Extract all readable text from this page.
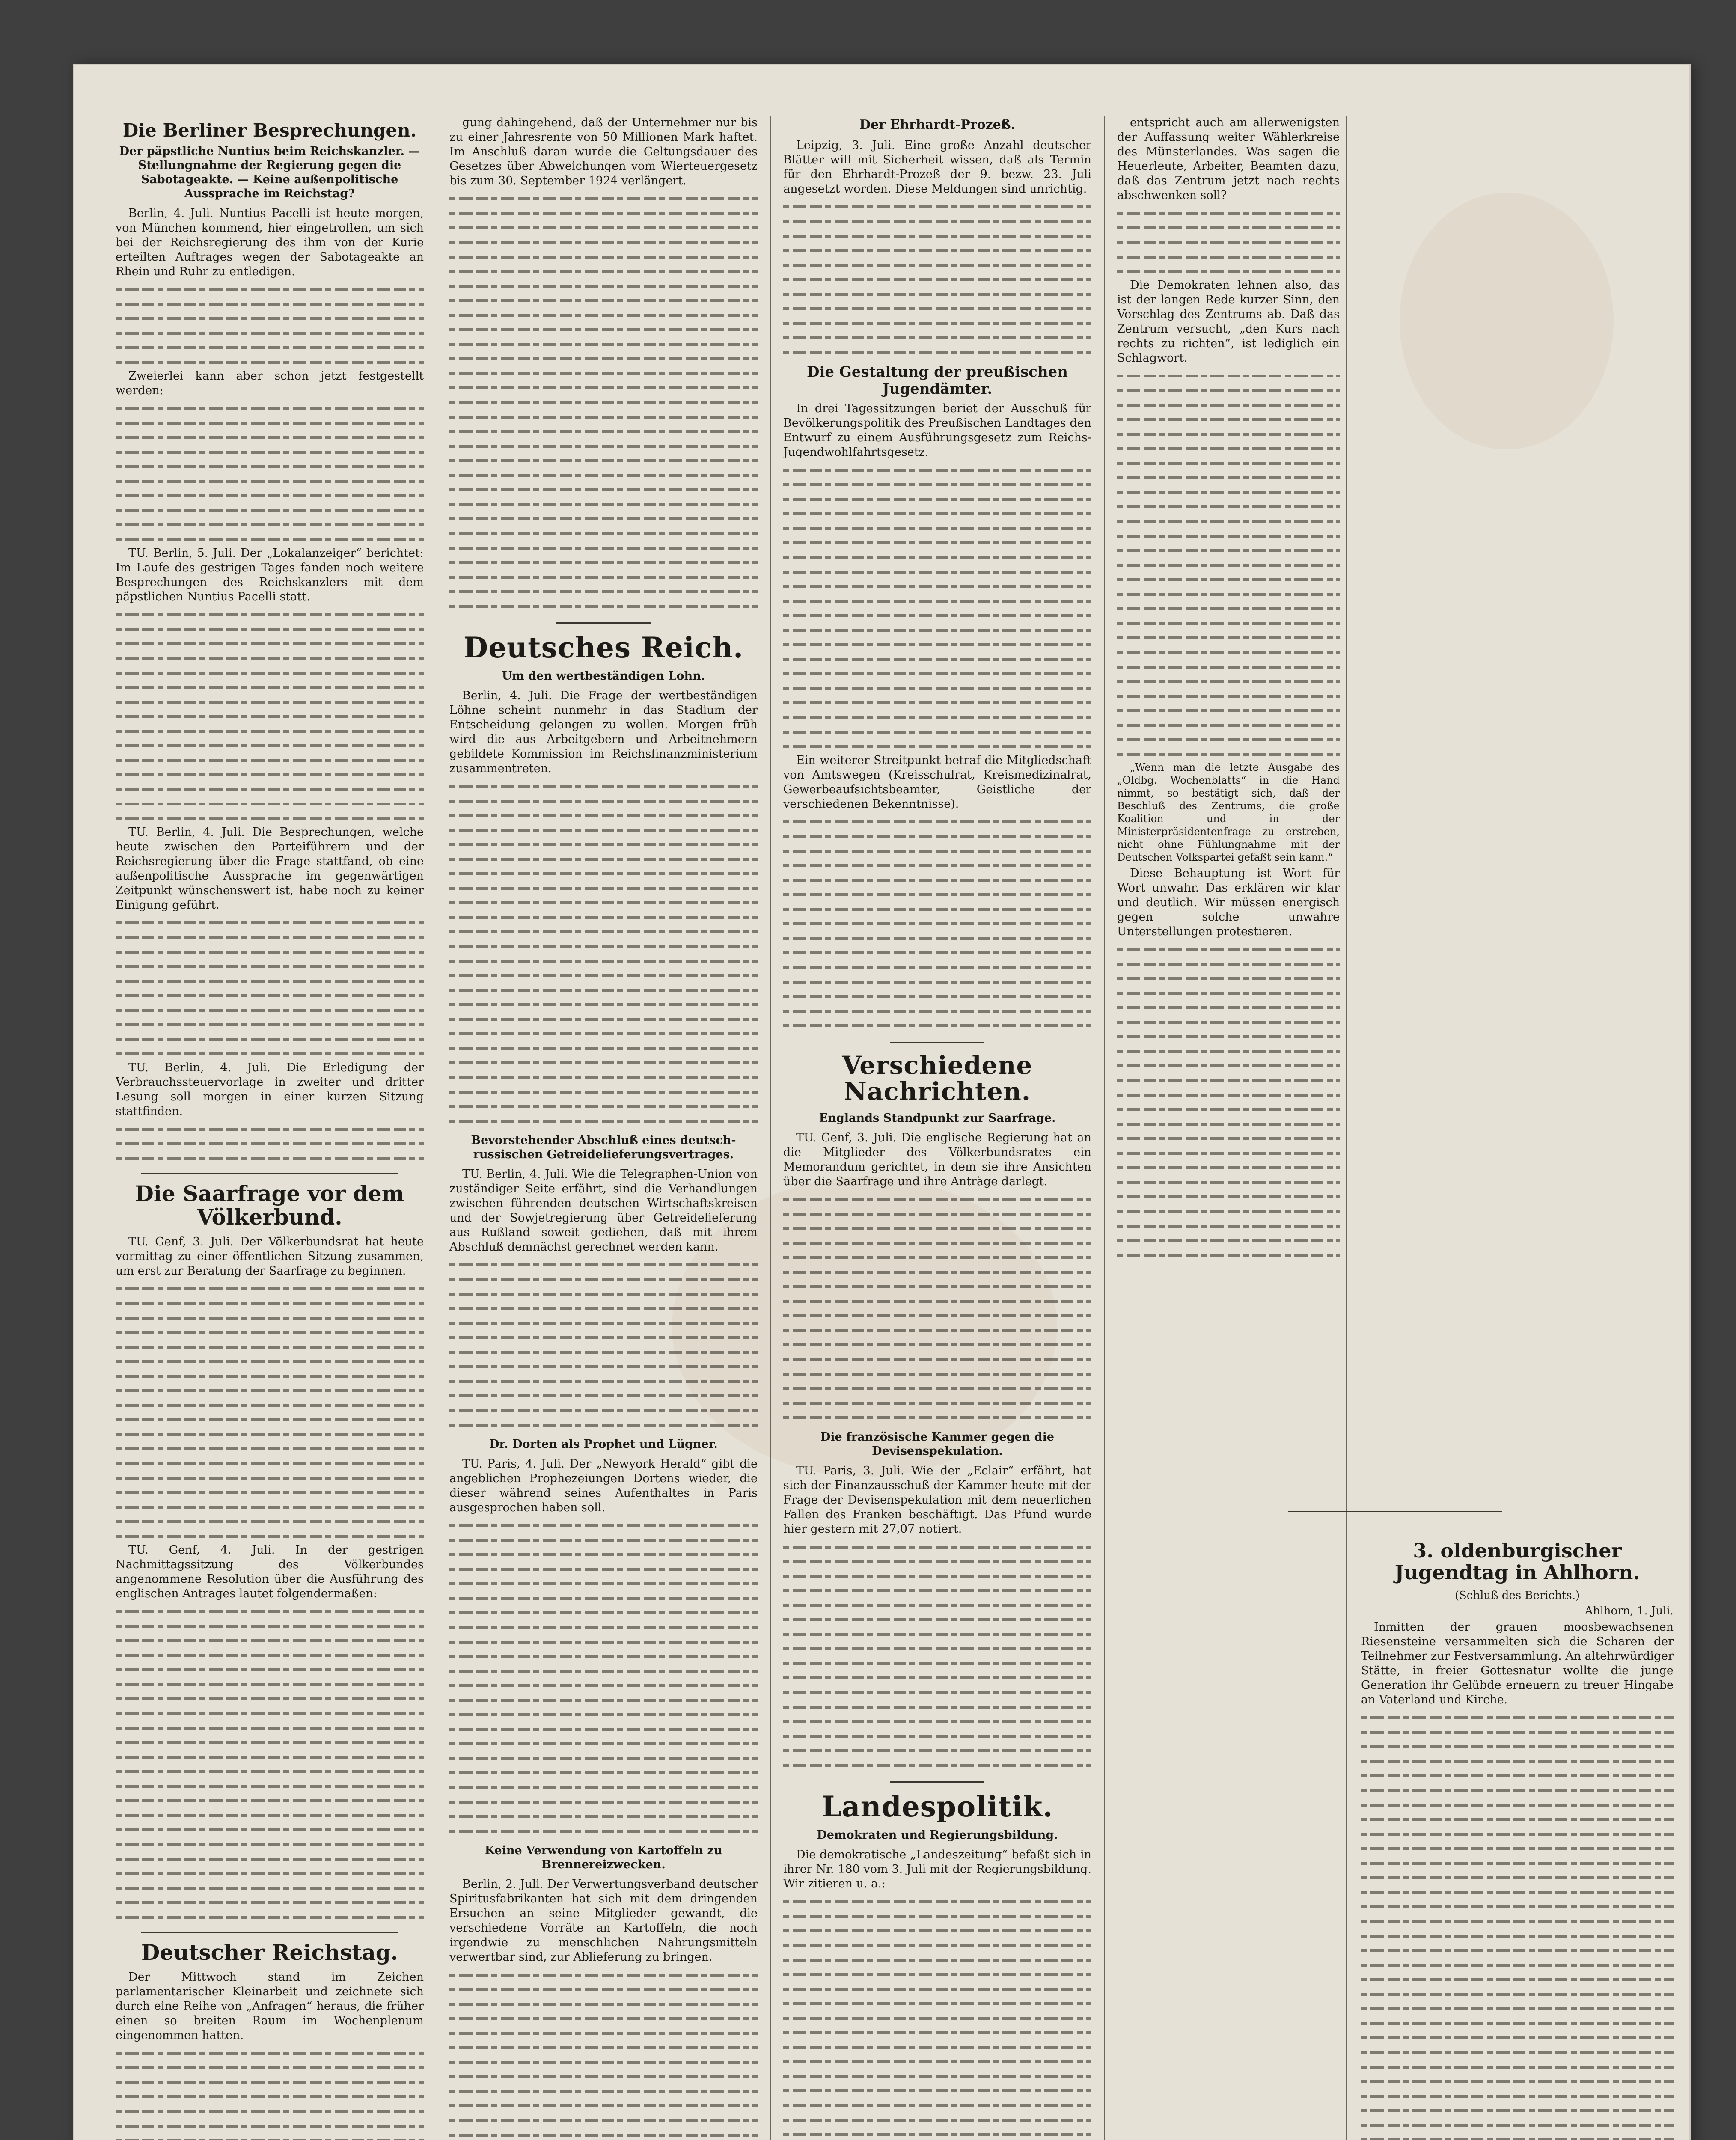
Die Berliner Besprechungen.
Der päpstliche Nuntius beim Reichskanzler. — Stellungnahme der Regierung gegen die Sabotageakte. — Keine außenpolitische Aussprache im Reichstag?

Berlin, 4. Juli. Nuntius Pacelli ist heute morgen, von München kommend, hier eingetroffen, um sich bei der Reichsregierung des ihm von der Kurie erteilten Auftrages wegen der Sabotageakte an Rhein und Ruhr zu entledigen.

Zweierlei kann aber schon jetzt festgestellt werden:

TU. Berlin, 5. Juli. Der „Lokalanzeiger“ berichtet: Im Laufe des gestrigen Tages fanden noch weitere Besprechungen des Reichskanzlers mit dem päpstlichen Nuntius Pacelli statt.

TU. Berlin, 4. Juli. Die Besprechungen, welche heute zwischen den Parteiführern und der Reichsregierung über die Frage stattfand, ob eine außenpolitische Aussprache im gegenwärtigen Zeitpunkt wünschenswert ist, habe noch zu keiner Einigung geführt.

TU. Berlin, 4. Juli. Die Erledigung der Verbrauchssteuervorlage in zweiter und dritter Lesung soll morgen in einer kurzen Sitzung stattfinden.

Die Saarfrage vor dem Völkerbund.

TU. Genf, 3. Juli. Der Völkerbundsrat hat heute vormittag zu einer öffentlichen Sitzung zusammen, um erst zur Beratung der Saarfrage zu beginnen.

TU. Genf, 4. Juli. In der gestrigen Nachmittagssitzung des Völkerbundes angenommene Resolution über die Ausführung des englischen Antrages lautet folgendermaßen:

Deutscher Reichstag.

Der Mittwoch stand im Zeichen parlamentarischer Kleinarbeit und zeichnete sich durch eine Reihe von „Anfragen“ heraus, die früher einen so breiten Raum im Wochenplenum eingenommen hatten.

gung dahingehend, daß der Unternehmer nur bis zu einer Jahresrente von 50 Millionen Mark haftet. Im Anschluß daran wurde die Geltungsdauer des Gesetzes über Abweichungen vom Wierteuergesetz bis zum 30. September 1924 verlängert.

Deutsches Reich.
Um den wertbeständigen Lohn.

Berlin, 4. Juli. Die Frage der wertbeständigen Löhne scheint nunmehr in das Stadium der Entscheidung gelangen zu wollen. Morgen früh wird die aus Arbeitgebern und Arbeitnehmern gebildete Kommission im Reichsfinanzministerium zusammentreten.

Bevorstehender Abschluß eines deutsch-russischen Getreidelieferungsvertrages.

TU. Berlin, 4. Juli. Wie die Telegraphen-Union von zuständiger Seite erfährt, sind die Verhandlungen zwischen führenden deutschen Wirtschaftskreisen und der Sowjetregierung über Getreidelieferung aus Rußland soweit gediehen, daß mit ihrem Abschluß demnächst gerechnet werden kann.

Dr. Dorten als Prophet und Lügner.

TU. Paris, 4. Juli. Der „Newyork Herald“ gibt die angeblichen Prophezeiungen Dortens wieder, die dieser während seines Aufenthaltes in Paris ausgesprochen haben soll.

Keine Verwendung von Kartoffeln zu Brennereizwecken.

Berlin, 2. Juli. Der Verwertungsverband deutscher Spiritusfabrikanten hat sich mit dem dringenden Ersuchen an seine Mitglieder gewandt, die verschiedene Vorräte an Kartoffeln, die noch irgendwie zu menschlichen Nahrungsmitteln verwertbar sind, zur Ablieferung zu bringen.

Der Ehrhardt-Prozeß.

Leipzig, 3. Juli. Eine große Anzahl deutscher Blätter will mit Sicherheit wissen, daß als Termin für den Ehrhardt-Prozeß der 9. bezw. 23. Juli angesetzt worden. Diese Meldungen sind unrichtig.

Die Gestaltung der preußischen Jugendämter.

In drei Tagessitzungen beriet der Ausschuß für Bevölkerungspolitik des Preußischen Landtages den Entwurf zu einem Ausführungsgesetz zum Reichs-Jugendwohlfahrtsgesetz.

Ein weiterer Streitpunkt betraf die Mitgliedschaft von Amtswegen (Kreisschulrat, Kreismedizinalrat, Gewerbeaufsichtsbeamter, Geistliche der verschiedenen Bekenntnisse).

Verschiedene Nachrichten.
Englands Standpunkt zur Saarfrage.

TU. Genf, 3. Juli. Die englische Regierung hat an die Mitglieder des Völkerbundsrates ein Memorandum gerichtet, in dem sie ihre Ansichten über die Saarfrage und ihre Anträge darlegt.

Die französische Kammer gegen die Devisenspekulation.

TU. Paris, 3. Juli. Wie der „Eclair“ erfährt, hat sich der Finanzausschuß der Kammer heute mit der Frage der Devisenspekulation mit dem neuerlichen Fallen des Franken beschäftigt. Das Pfund wurde hier gestern mit 27,07 notiert.

Landespolitik.
Demokraten und Regierungsbildung.

Die demokratische „Landeszeitung“ befaßt sich in ihrer Nr. 180 vom 3. Juli mit der Regierungsbildung. Wir zitieren u. a.:

entspricht auch am allerwenigsten der Auffassung weiter Wählerkreise des Münsterlandes. Was sagen die Heuerleute, Arbeiter, Beamten dazu, daß das Zentrum jetzt nach rechts abschwenken soll?

Die Demokraten lehnen also, das ist der langen Rede kurzer Sinn, den Vorschlag des Zentrums ab. Daß das Zentrum versucht, „den Kurs nach rechts zu richten“, ist lediglich ein Schlagwort.

„Wenn man die letzte Ausgabe des „Oldbg. Wochenblatts“ in die Hand nimmt, so bestätigt sich, daß der Beschluß des Zentrums, die große Koalition und in der Ministerpräsidentenfrage zu erstreben, nicht ohne Fühlungnahme mit der Deutschen Volkspartei gefaßt sein kann.“

Diese Behauptung ist Wort für Wort unwahr. Das erklären wir klar und deutlich. Wir müssen energisch gegen solche unwahre Unterstellungen protestieren.

3. oldenburgischer Jugendtag in Ahlhorn.
(Schluß des Berichts.)
Ahlhorn, 1. Juli.

Inmitten der grauen moosbewachsenen Riesensteine versammelten sich die Scharen der Teilnehmer zur Festversammlung. An altehrwürdiger Stätte, in freier Gottesnatur wollte die junge Generation ihr Gelübde erneuern zu treuer Hingabe an Vaterland und Kirche.
